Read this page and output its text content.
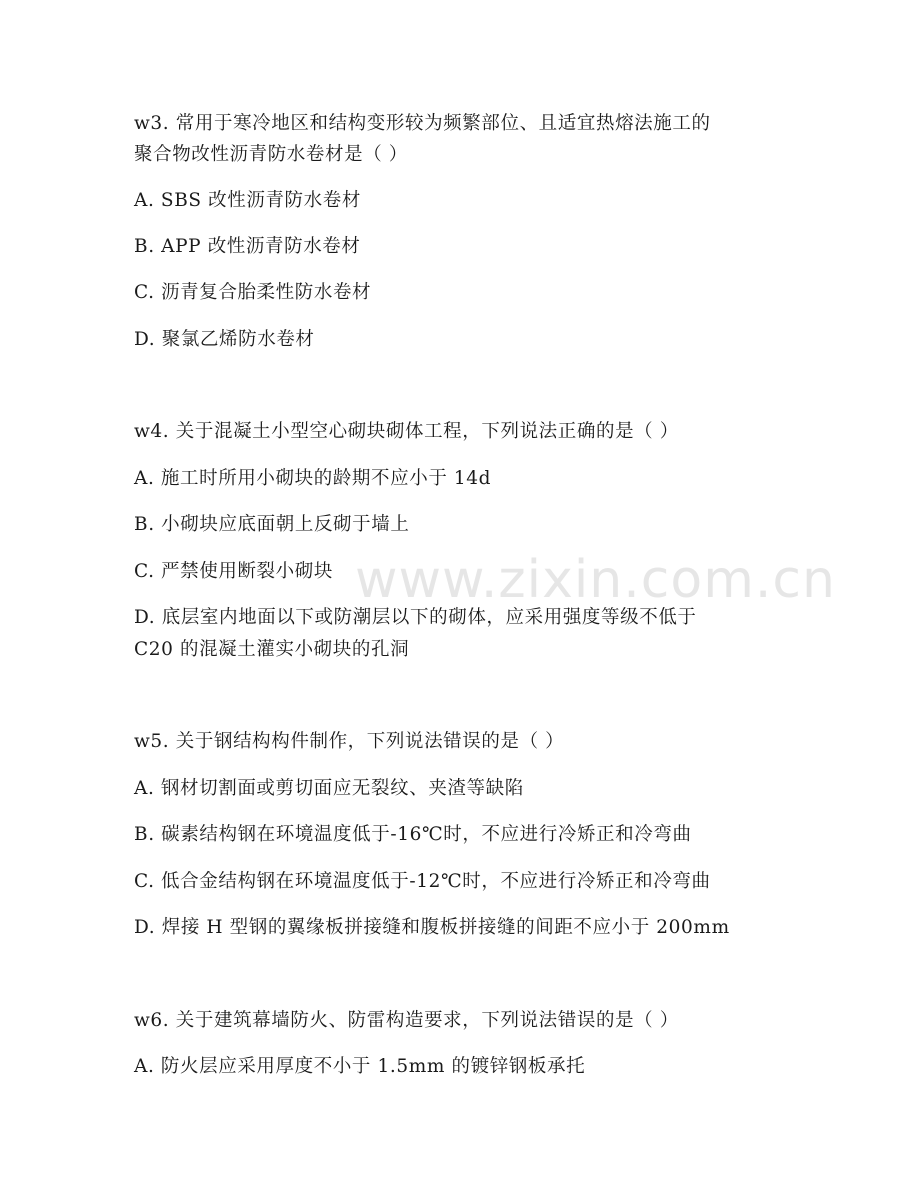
www.zixin.com.cn
w3. 常用于寒冷地区和结构变形较为频繁部位、且适宜热熔法施工的
聚合物改性沥青防水卷材是（ ）
A. SBS 改性沥青防水卷材
B. APP 改性沥青防水卷材
C. 沥青复合胎柔性防水卷材
D. 聚氯乙烯防水卷材
w4. 关于混凝土小型空心砌块砌体工程，下列说法正确的是（ ）
A. 施工时所用小砌块的龄期不应小于 14d
B. 小砌块应底面朝上反砌于墙上
C. 严禁使用断裂小砌块
D. 底层室内地面以下或防潮层以下的砌体，应采用强度等级不低于
C20 的混凝土灌实小砌块的孔洞
w5. 关于钢结构构件制作，下列说法错误的是（ ）
A. 钢材切割面或剪切面应无裂纹、夹渣等缺陷
B. 碳素结构钢在环境温度低于-16℃时，不应进行冷矫正和冷弯曲
C. 低合金结构钢在环境温度低于-12℃时，不应进行冷矫正和冷弯曲
D. 焊接 H 型钢的翼缘板拼接缝和腹板拼接缝的间距不应小于 200mm
w6. 关于建筑幕墙防火、防雷构造要求，下列说法错误的是（ ）
A. 防火层应采用厚度不小于 1.5mm 的镀锌钢板承托
